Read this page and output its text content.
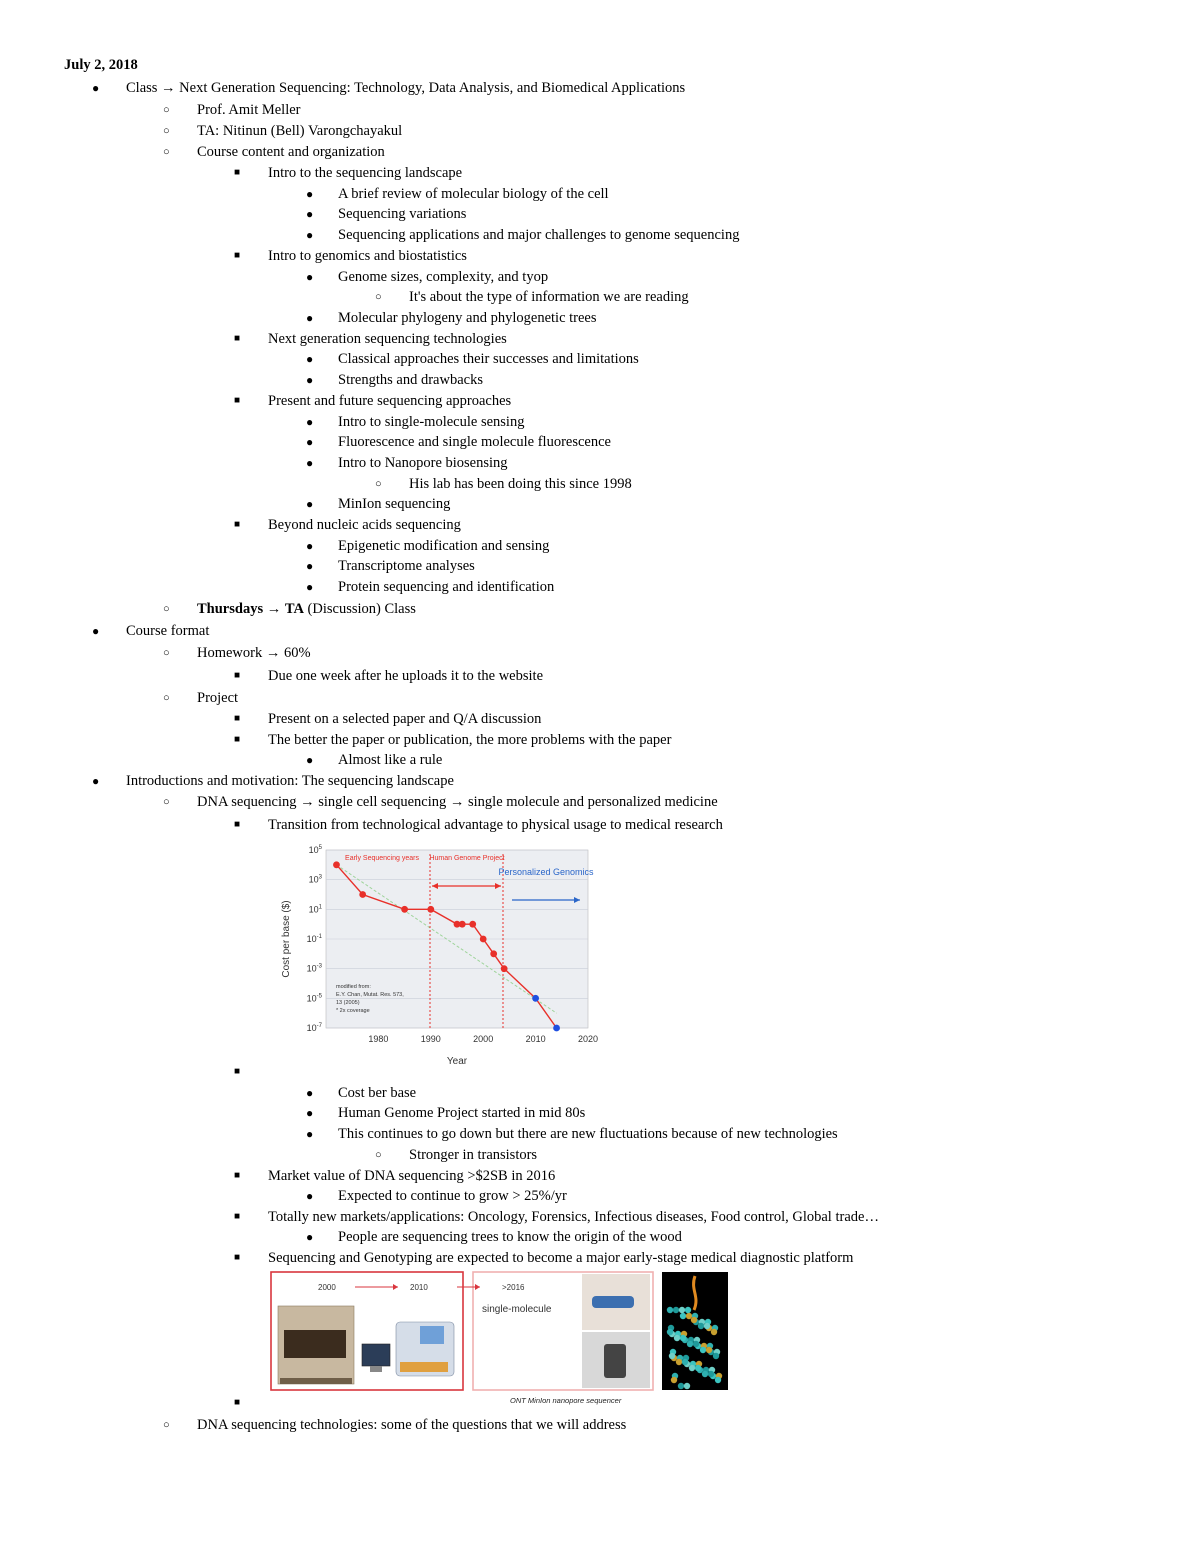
July 2, 2018
● Class → Next Generation Sequencing: Technology, Data Analysis, and Biomedical Applications
○ Prof. Amit Meller
○ TA: Nitinun (Bell) Varongchayakul
○ Course content and organization
■ Intro to the sequencing landscape
● A brief review of molecular biology of the cell
● Sequencing variations
● Sequencing applications and major challenges to genome sequencing
■ Intro to genomics and biostatistics
● Genome sizes, complexity, and tyop
○ It's about the type of information we are reading
● Molecular phylogeny and phylogenetic trees
■ Next generation sequencing technologies
● Classical approaches their successes and limitations
● Strengths and drawbacks
■ Present and future sequencing approaches
● Intro to single-molecule sensing
● Fluorescence and single molecule fluorescence
● Intro to Nanopore biosensing
○ His lab has been doing this since 1998
● MinIon sequencing
■ Beyond nucleic acids sequencing
● Epigenetic modification and sensing
● Transcriptome analyses
● Protein sequencing and identification
○ Thursdays → TA (Discussion) Class
● Course format
○ Homework → 60%
■ Due one week after he uploads it to the website
○ Project
■ Present on a selected paper and Q/A discussion
■ The better the paper or publication, the more problems with the paper
● Almost like a rule
● Introductions and motivation: The sequencing landscape
○ DNA sequencing → single cell sequencing → single molecule and personalized medicine
■ Transition from technological advantage to physical usage to medical research
■
● Cost ber base
● Human Genome Project started in mid 80s
● This continues to go down but there are new fluctuations because of new technologies
○ Stronger in transistors
■ Market value of DNA sequencing >$2SB in 2016
● Expected to continue to grow > 25%/yr
■ Totally new markets/applications: Oncology, Forensics, Infectious diseases, Food control, Global trade…
● People are sequencing trees to know the origin of the wood
■ Sequencing and Genotyping are expected to become a major early-stage medical diagnostic platform
■
○ DNA sequencing technologies: some of the questions that we will address
$10^5$
$10^3$
$10^1$
$10^{-1}$
$10^{-3}$
$10^{-5}$
$10^{-7}$
1980	1990	2000	2010	2020
Early Sequencing years Human Genome Project
Personalized Genomics
modified from:
E.Y. Chan, Mutat. Res. 573,
13 (2005)
* 2x coverage
Year
Cost per base ($)
2000	2010	>2016
single-molecule
ONT MinIon nanopore sequencer
